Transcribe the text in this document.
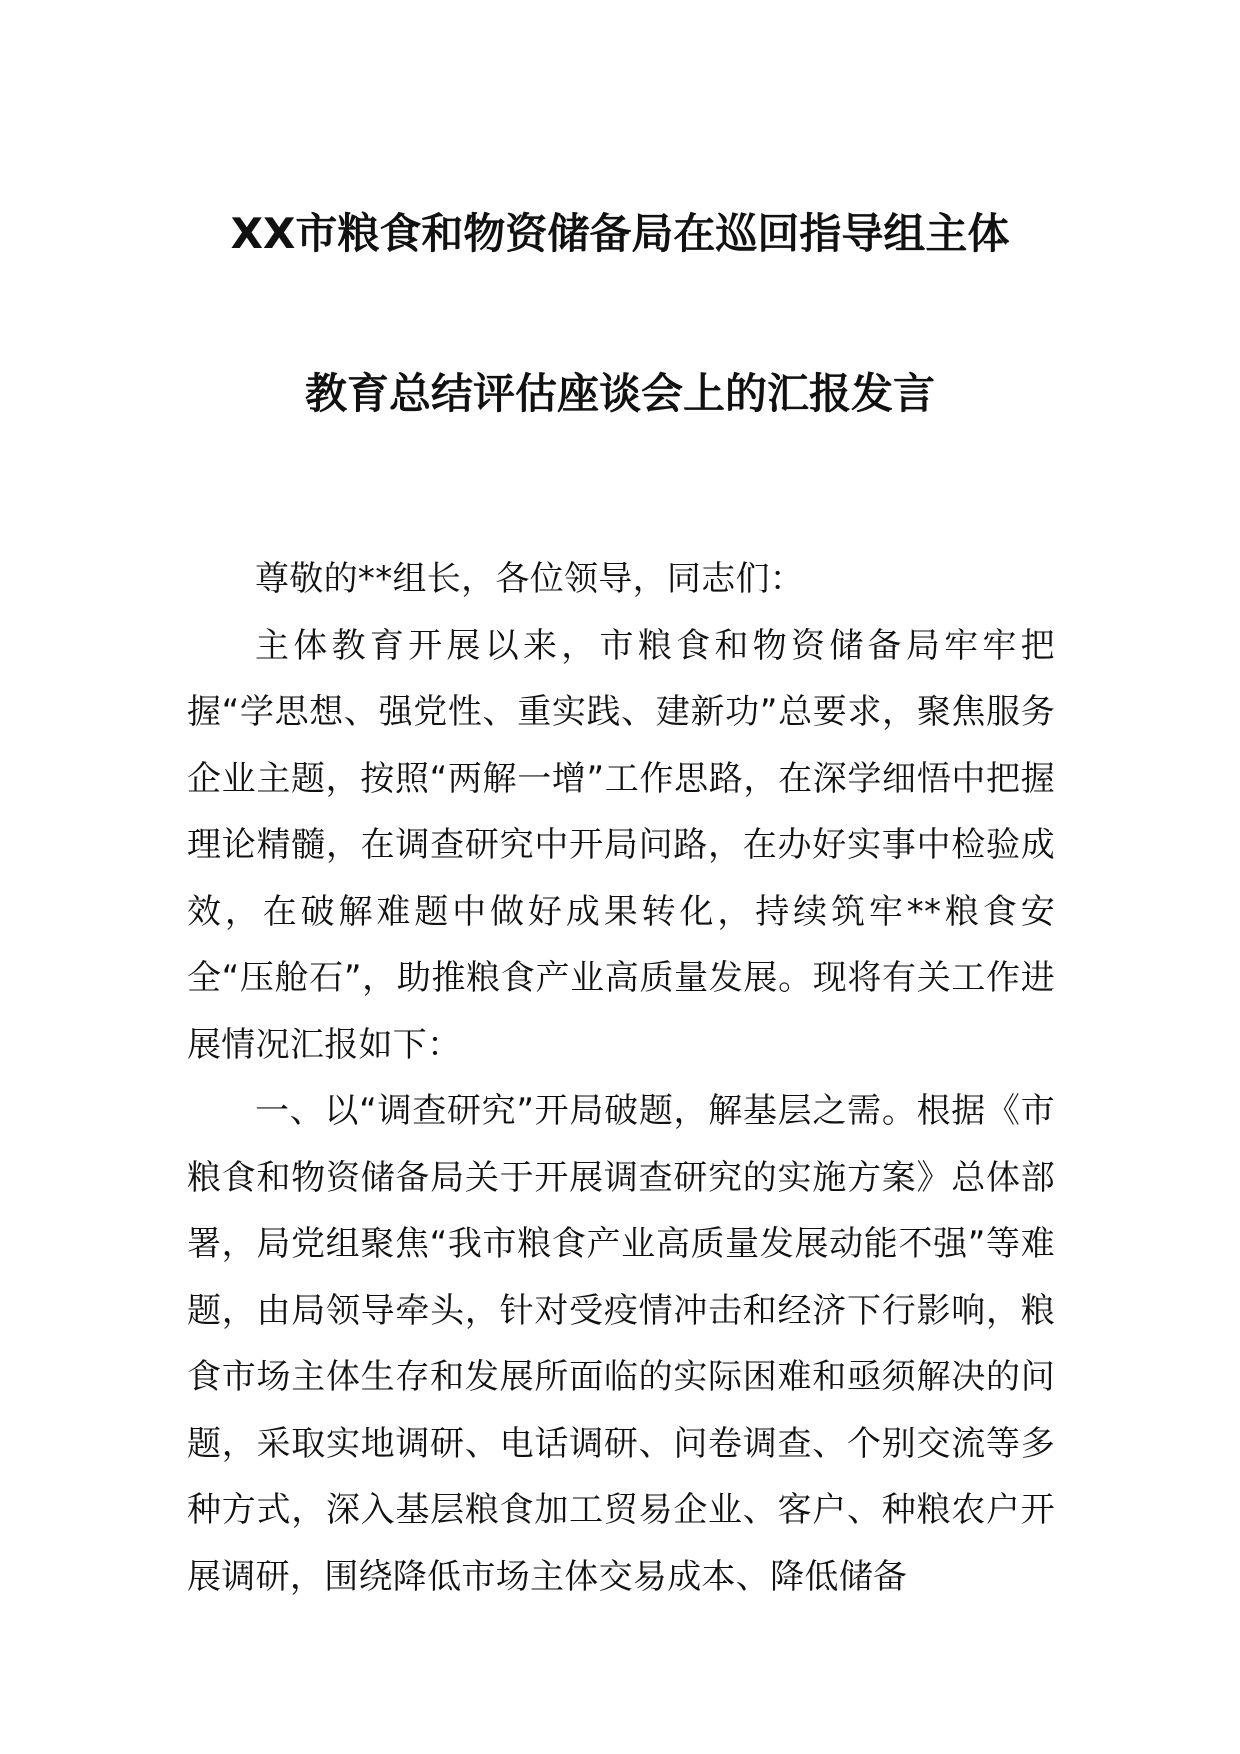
XX市粮食和物资储备局在巡回指导组主体
教育总结评估座谈会上的汇报发言

尊敬的**组长，各位领导，同志们：

主体教育开展以来，市粮食和物资储备局牢牢把握“学思想、强党性、重实践、建新功”总要求，聚焦服务企业主题，按照“两解一增”工作思路，在深学细悟中把握理论精髓，在调查研究中开局问路，在办好实事中检验成效，在破解难题中做好成果转化，持续筑牢**粮食安全“压舱石”，助推粮食产业高质量发展。现将有关工作进展情况汇报如下：

一、以“调查研究”开局破题，解基层之需。根据《市粮食和物资储备局关于开展调查研究的实施方案》总体部署，局党组聚焦“我市粮食产业高质量发展动能不强”等难题，由局领导牵头，针对受疫情冲击和经济下行影响，粮食市场主体生存和发展所面临的实际困难和亟须解决的问题，采取实地调研、电话调研、问卷调查、个别交流等多种方式，深入基层粮食加工贸易企业、客户、种粮农户开展调研，围绕降低市场主体交易成本、降低储备
